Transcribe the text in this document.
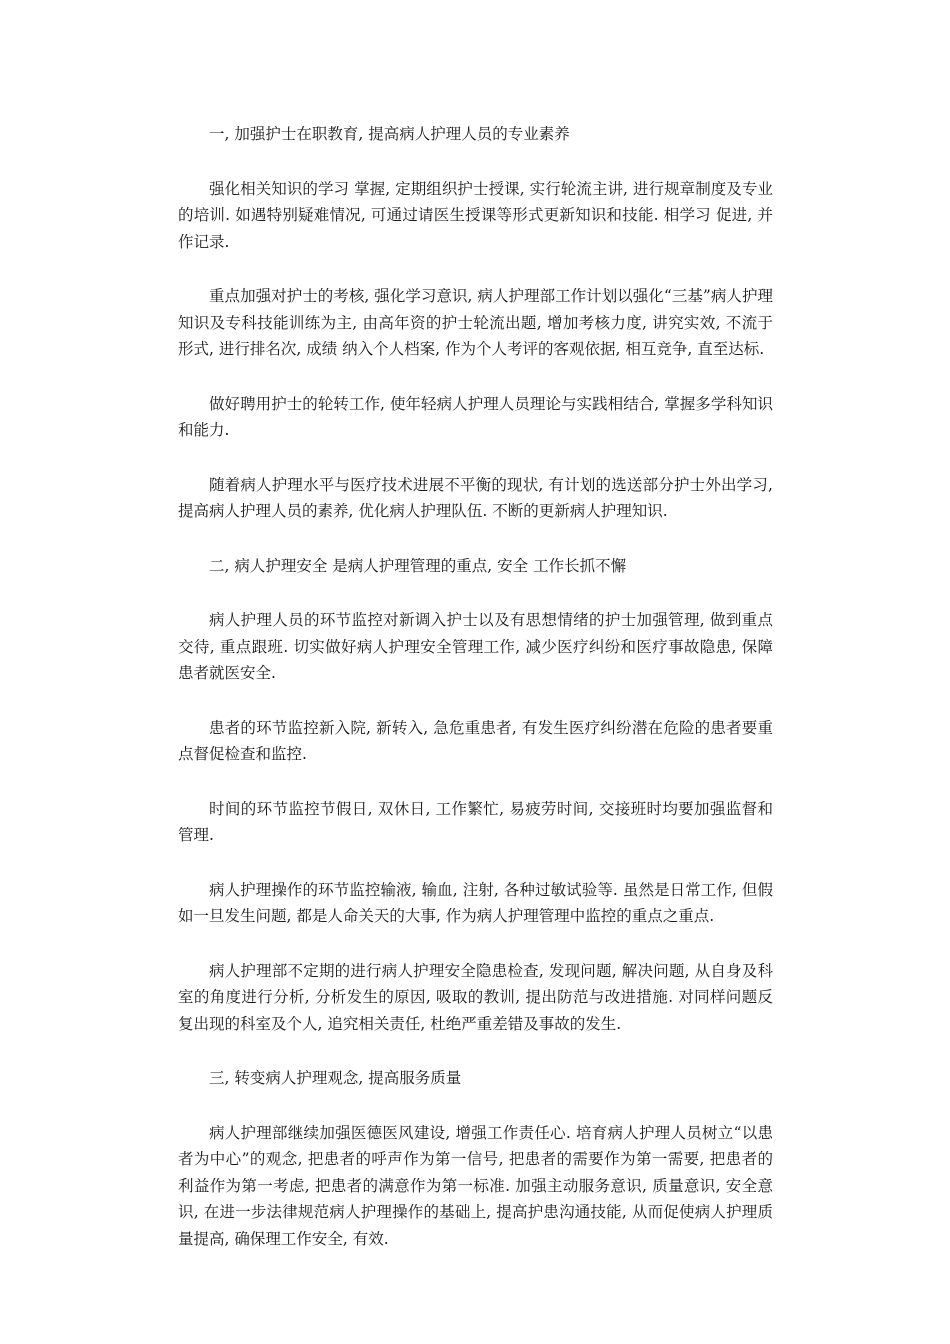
一, 加强护士在职教育, 提高病人护理人员的专业素养

强化相关知识的学习 掌握, 定期组织护士授课, 实行轮流主讲, 进行规章制度及专业的培训. 如遇特别疑难情况, 可通过请医生授课等形式更新知识和技能. 相学习 促进, 并作记录.

重点加强对护士的考核, 强化学习意识, 病人护理部工作计划以强化“三基”病人护理知识及专科技能训练为主, 由高年资的护士轮流出题, 增加考核力度, 讲究实效, 不流于形式, 进行排名次, 成绩 纳入个人档案, 作为个人考评的客观依据, 相互竞争, 直至达标.

做好聘用护士的轮转工作, 使年轻病人护理人员理论与实践相结合, 掌握多学科知识和能力.

随着病人护理水平与医疗技术进展不平衡的现状, 有计划的选送部分护士外出学习, 提高病人护理人员的素养, 优化病人护理队伍. 不断的更新病人护理知识.

二, 病人护理安全 是病人护理管理的重点, 安全 工作长抓不懈

病人护理人员的环节监控对新调入护士以及有思想情绪的护士加强管理, 做到重点交待, 重点跟班. 切实做好病人护理安全管理工作, 减少医疗纠纷和医疗事故隐患, 保障患者就医安全.

患者的环节监控新入院, 新转入, 急危重患者, 有发生医疗纠纷潜在危险的患者要重点督促检查和监控.

时间的环节监控节假日, 双休日, 工作繁忙, 易疲劳时间, 交接班时均要加强监督和管理.

病人护理操作的环节监控输液, 输血, 注射, 各种过敏试验等. 虽然是日常工作, 但假如一旦发生问题, 都是人命关天的大事, 作为病人护理管理中监控的重点之重点.

病人护理部不定期的进行病人护理安全隐患检查, 发现问题, 解决问题, 从自身及科室的角度进行分析, 分析发生的原因, 吸取的教训, 提出防范与改进措施. 对同样问题反复出现的科室及个人, 追究相关责任, 杜绝严重差错及事故的发生.

三, 转变病人护理观念, 提高服务质量

病人护理部继续加强医德医风建设, 增强工作责任心. 培育病人护理人员树立“以患者为中心”的观念, 把患者的呼声作为第一信号, 把患者的需要作为第一需要, 把患者的利益作为第一考虑, 把患者的满意作为第一标准. 加强主动服务意识, 质量意识, 安全意识, 在进一步法律规范病人护理操作的基础上, 提高护患沟通技能, 从而促使病人护理质量提高, 确保理工作安全, 有效.
